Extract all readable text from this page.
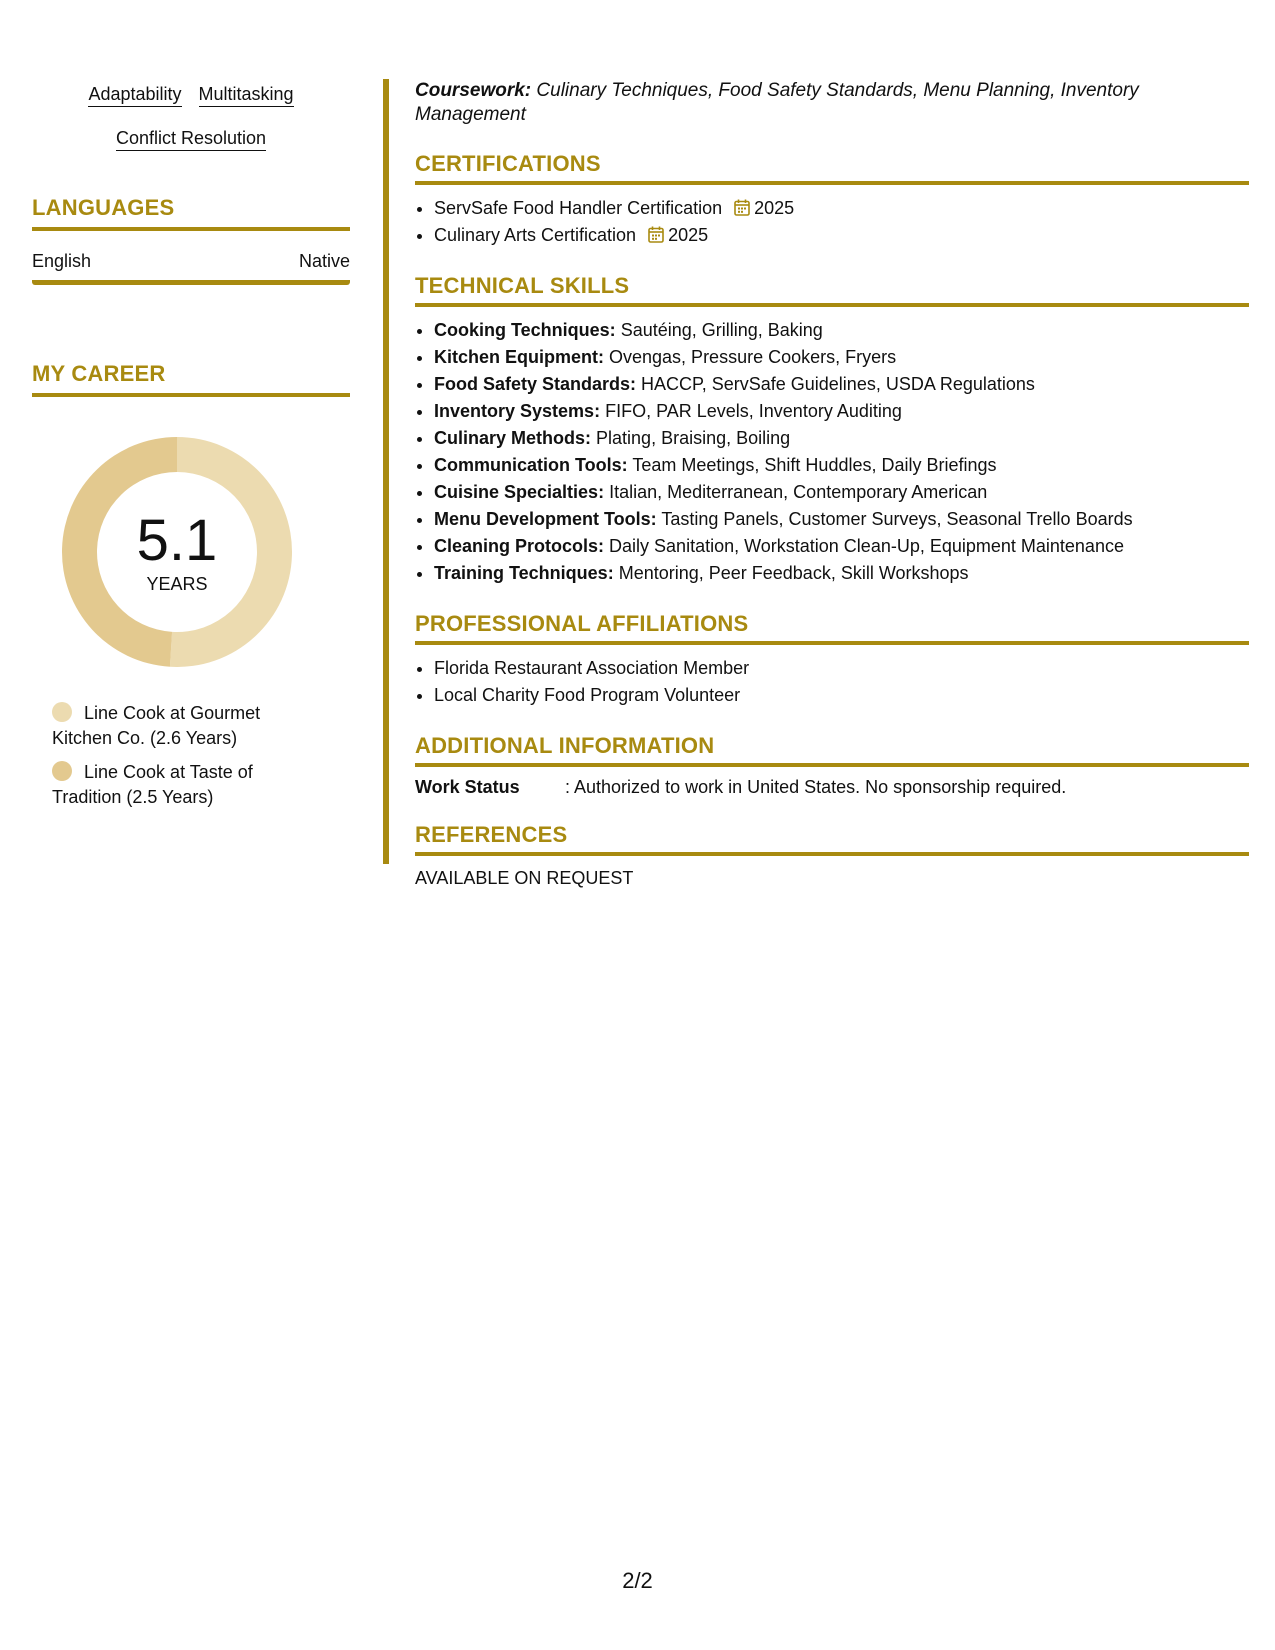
Adaptability Multitasking
Conflict Resolution
LANGUAGES
English	Native
MY CAREER
5.1
YEARS
Line Cook at Gourmet Kitchen Co. (2.6 Years)
Line Cook at Taste of Tradition (2.5 Years)
Coursework: Culinary Techniques, Food Safety Standards, Menu Planning, Inventory Management
CERTIFICATIONS
• ServSafe Food Handler Certification 2025
• Culinary Arts Certification 2025
TECHNICAL SKILLS
• Cooking Techniques: Sautéing, Grilling, Baking
• Kitchen Equipment: Ovengas, Pressure Cookers, Fryers
• Food Safety Standards: HACCP, ServSafe Guidelines, USDA Regulations
• Inventory Systems: FIFO, PAR Levels, Inventory Auditing
• Culinary Methods: Plating, Braising, Boiling
• Communication Tools: Team Meetings, Shift Huddles, Daily Briefings
• Cuisine Specialties: Italian, Mediterranean, Contemporary American
• Menu Development Tools: Tasting Panels, Customer Surveys, Seasonal Trello Boards
• Cleaning Protocols: Daily Sanitation, Workstation Clean-Up, Equipment Maintenance
• Training Techniques: Mentoring, Peer Feedback, Skill Workshops
PROFESSIONAL AFFILIATIONS
• Florida Restaurant Association Member
• Local Charity Food Program Volunteer
ADDITIONAL INFORMATION
Work Status	: Authorized to work in United States. No sponsorship required.
REFERENCES
AVAILABLE ON REQUEST
2/2
